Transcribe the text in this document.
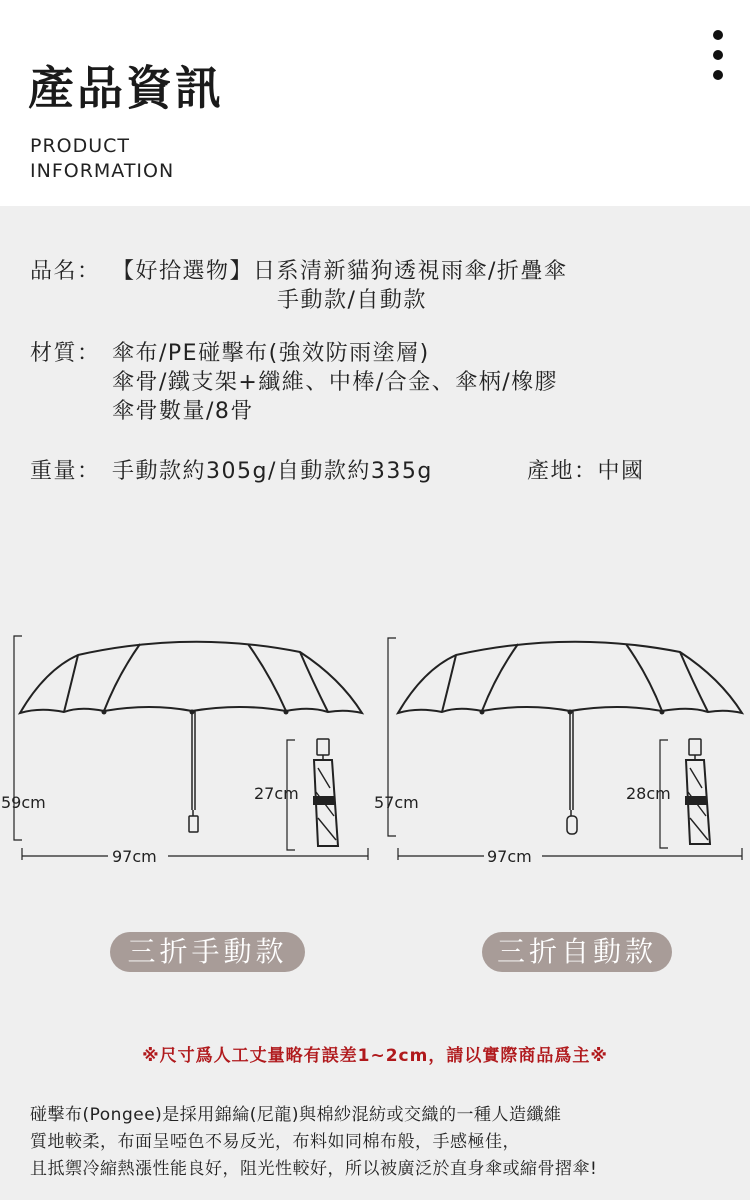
產品資訊
PRODUCT
INFORMATION
品名： 【好拾選物】日系清新貓狗透視雨傘/折疊傘
手動款/自動款
材質： 傘布/PE碰擊布(強效防雨塗層)
傘骨/鐵支架+纖維、中棒/合金、傘柄/橡膠
傘骨數量/8骨
重量： 手動款約305g/自動款約335g	產地：中國
59cm
97cm
27cm	57cm
97cm
28cm
三折手動款	三折自動款
※尺寸爲人工丈量略有誤差1~2cm，請以實際商品爲主※
碰擊布(Pongee)是採用錦綸(尼龍)與棉紗混紡或交織的一種人造纖維
質地較柔，布面呈啞色不易反光，布料如同棉布般，手感極佳，
且抵禦冷縮熱漲性能良好，阻光性較好，所以被廣泛於直身傘或縮骨摺傘!
